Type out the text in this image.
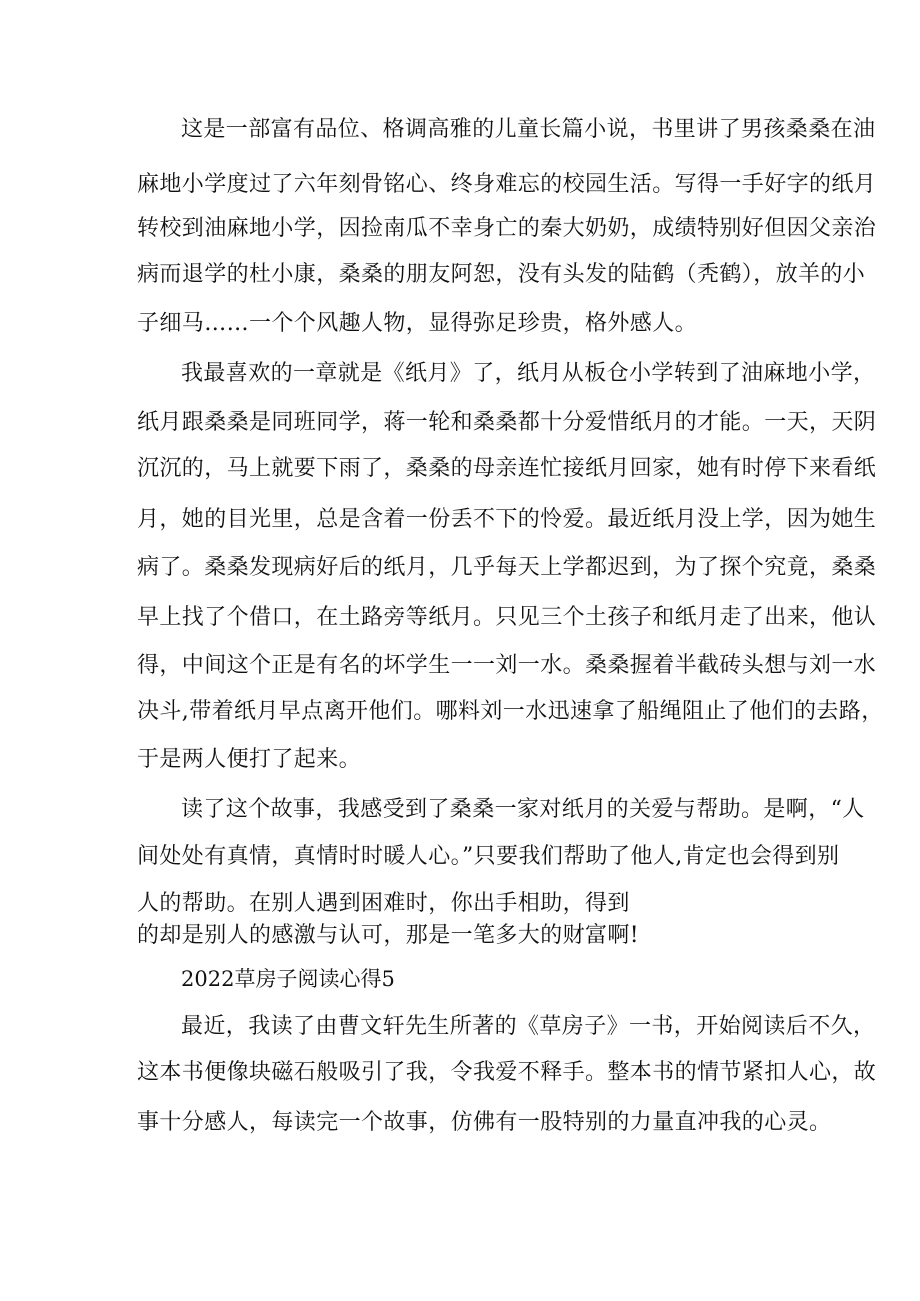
这是一部富有品位、格调高雅的儿童长篇小说，书里讲了男孩桑桑在油

麻地小学度过了六年刻骨铭心、终身难忘的校园生活。写得一手好字的纸月

转校到油麻地小学，因捡南瓜不幸身亡的秦大奶奶，成绩特别好但因父亲治

病而退学的杜小康，桑桑的朋友阿恕，没有头发的陆鹤（秃鹤），放羊的小

子细马……一个个风趣人物，显得弥足珍贵，格外感人。

我最喜欢的一章就是《纸月》了，纸月从板仓小学转到了油麻地小学，

纸月跟桑桑是同班同学，蒋一轮和桑桑都十分爱惜纸月的才能。一天，天阴

沉沉的，马上就要下雨了，桑桑的母亲连忙接纸月回家，她有时停下来看纸

月，她的目光里，总是含着一份丢不下的怜爱。最近纸月没上学，因为她生

病了。桑桑发现病好后的纸月，几乎每天上学都迟到，为了探个究竟，桑桑

早上找了个借口，在土路旁等纸月。只见三个土孩子和纸月走了出来，他认

得，中间这个正是有名的坏学生一一刘一水。桑桑握着半截砖头想与刘一水

决斗,带着纸月早点离开他们。哪料刘一水迅速拿了船绳阻止了他们的去路，

于是两人便打了起来。

读了这个故事，我感受到了桑桑一家对纸月的关爱与帮助。是啊，“人

间处处有真情，真情时时暖人心。”只要我们帮助了他人,肯定也会得到别

人的帮助。在别人遇到困难时，你出手相助，得到

的却是别人的感激与认可，那是一笔多大的财富啊!

2022草房子阅读心得5

最近，我读了由曹文轩先生所著的《草房子》一书，开始阅读后不久，

这本书便像块磁石般吸引了我，令我爱不释手。整本书的情节紧扣人心，故

事十分感人，每读完一个故事，仿佛有一股特别的力量直冲我的心灵。
